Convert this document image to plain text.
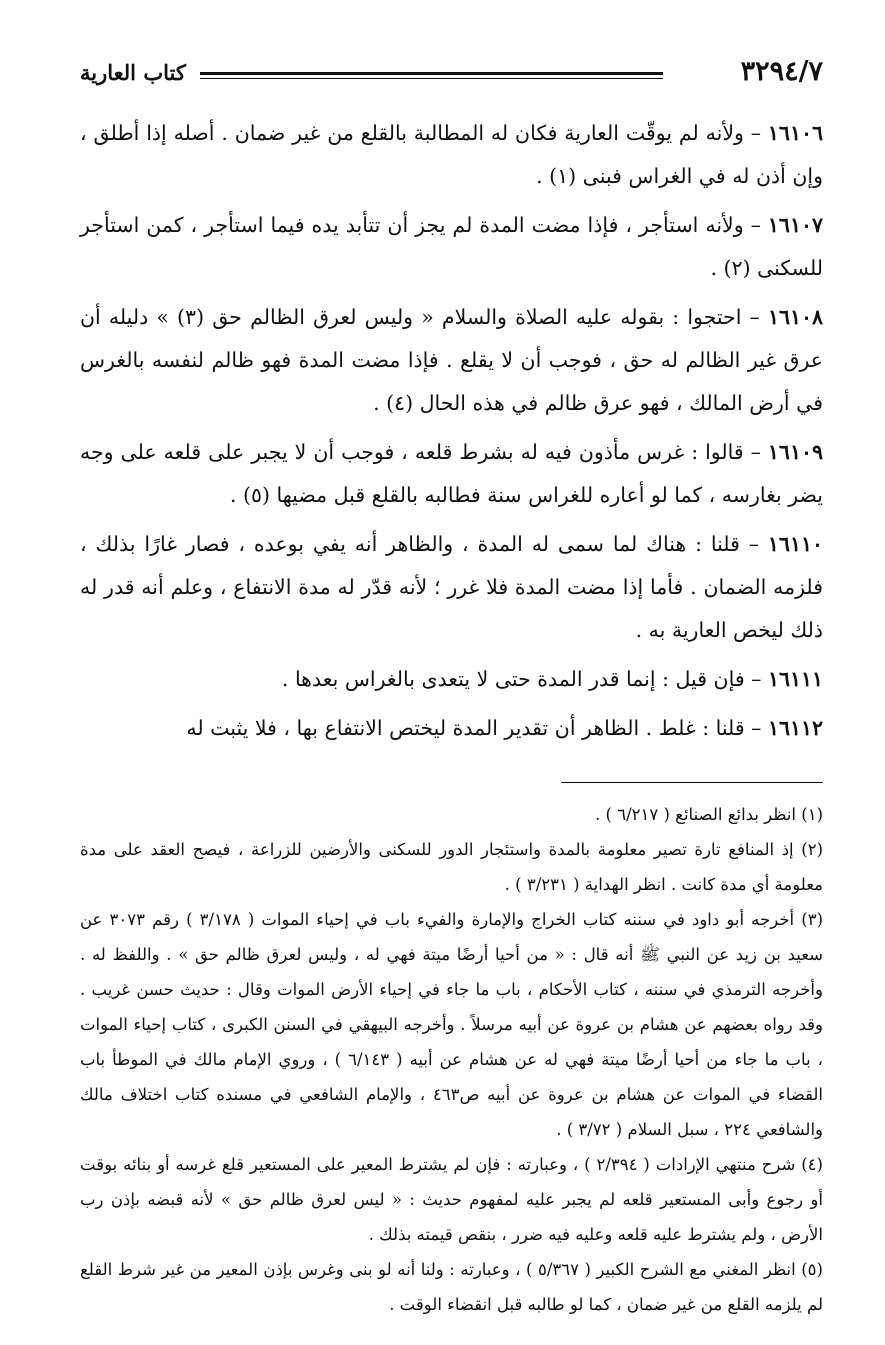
٣٢٩٤/٧
كتاب العارية

١٦١٠٦ – ولأنه لم يوقّت العارية فكان له المطالبة بالقلع من غير ضمان . أصله إذا أطلق ، وإن أذن له في الغراس فبنى (١) .

١٦١٠٧ – ولأنه استأجر ، فإذا مضت المدة لم يجز أن تتأبد يده فيما استأجر ، كمن استأجر للسكنى (٢) .

١٦١٠٨ – احتجوا : بقوله عليه الصلاة والسلام « وليس لعرق الظالم حق (٣) » دليله أن عرق غير الظالم له حق ، فوجب أن لا يقلع . فإذا مضت المدة فهو ظالم لنفسه بالغرس في أرض المالك ، فهو عرق ظالم في هذه الحال (٤) .

١٦١٠٩ – قالوا : غرس مأذون فيه له بشرط قلعه ، فوجب أن لا يجبر على قلعه على وجه يضر بغارسه ، كما لو أعاره للغراس سنة فطالبه بالقلع قبل مضيها (٥) .

١٦١١٠ – قلنا : هناك لما سمى له المدة ، والظاهر أنه يفي بوعده ، فصار غارًا بذلك ، فلزمه الضمان . فأما إذا مضت المدة فلا غرر ؛ لأنه قدّر له مدة الانتفاع ، وعلم أنه قدر له ذلك ليخص العارية به .

١٦١١١ – فإن قيل : إنما قدر المدة حتى لا يتعدى بالغراس بعدها .

١٦١١٢ – قلنا : غلط . الظاهر أن تقدير المدة ليختص الانتفاع بها ، فلا يثبت له

(١) انظر بدائع الصنائع ( ٦/٢١٧ ) .

(٢) إذ المنافع تارة تصير معلومة بالمدة واستئجار الدور للسكنى والأرضين للزراعة ، فيصح العقد على مدة معلومة أي مدة كانت . انظر الهداية ( ٣/٢٣١ ) .

(٣) أخرجه أبو داود في سننه كتاب الخراج والإمارة والفيء باب في إحياء الموات ( ٣/١٧٨ ) رقم ٣٠٧٣ عن سعيد بن زيد عن النبي ﷺ أنه قال : « من أحيا أرضًا ميتة فهي له ، وليس لعرق ظالم حق » . واللفظ له . وأخرجه الترمذي في سننه ، كتاب الأحكام ، باب ما جاء في إحياء الأرض الموات وقال : حديث حسن غريب . وقد رواه بعضهم عن هشام بن عروة عن أبيه مرسلاً . وأخرجه البيهقي في السنن الكبرى ، كتاب إحياء الموات ، باب ما جاء من أحيا أرضًا ميتة فهي له عن هشام عن أبيه ( ٦/١٤٣ ) ، وروي الإمام مالك في الموطأ باب القضاء في الموات عن هشام بن عروة عن أبيه ص٤٦٣ ، والإمام الشافعي في مسنده كتاب اختلاف مالك والشافعي ٢٢٤ ، سبل السلام ( ٣/٧٢ ) .

(٤) شرح منتهي الإرادات ( ٢/٣٩٤ ) ، وعبارته : فإن لم يشترط المعير على المستعير قلع غرسه أو بنائه بوقت أو رجوع وأبى المستعير قلعه لم يجبر عليه لمفهوم حديث : « ليس لعرق ظالم حق » لأنه قبضه بإذن رب الأرض ، ولم يشترط عليه قلعه وعليه فيه ضرر ، بنقص قيمته بذلك .

(٥) انظر المغني مع الشرح الكبير ( ٥/٣٦٧ ) ، وعبارته : ولنا أنه لو بنى وغرس بإذن المعير من غير شرط القلع لم يلزمه القلع من غير ضمان ، كما لو طالبه قبل انقضاء الوقت .
